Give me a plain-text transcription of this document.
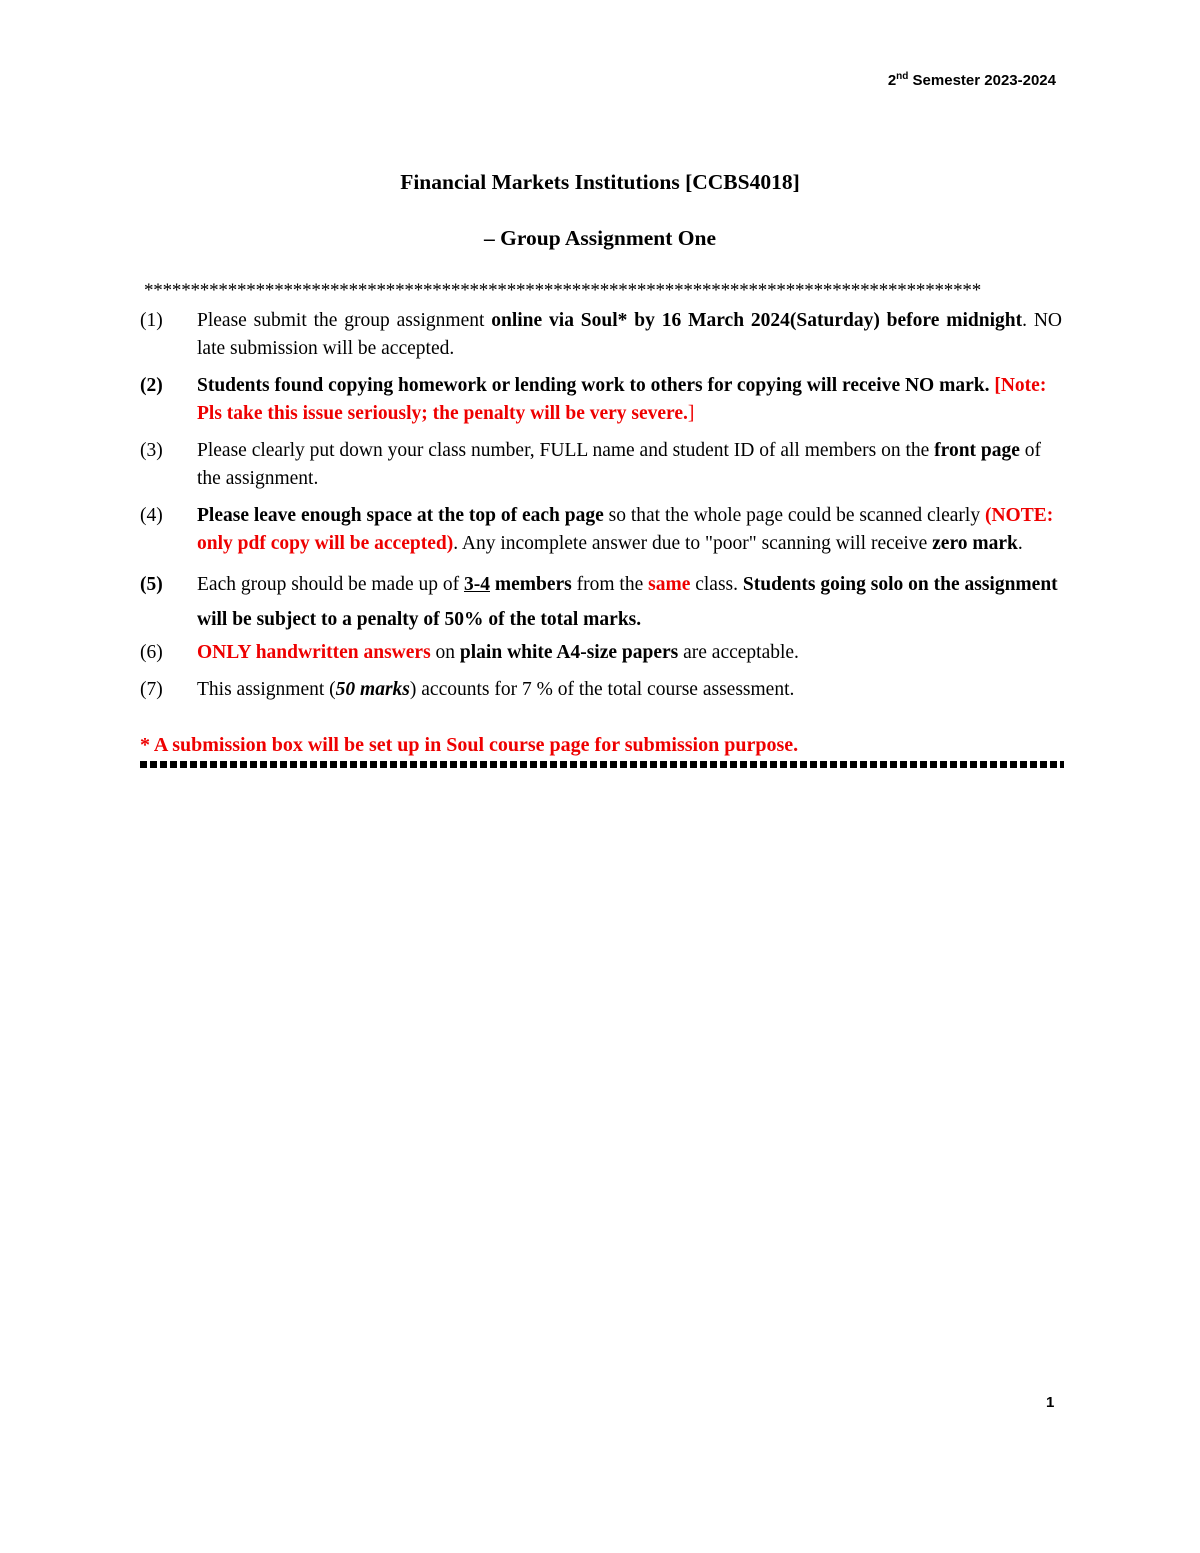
2nd Semester 2023-2024
Financial Markets Institutions [CCBS4018]
– Group Assignment One
******************************************************************************************
(1) Please submit the group assignment online via Soul* by 16 March 2024(Saturday) before midnight. NO late submission will be accepted.
(2) Students found copying homework or lending work to others for copying will receive NO mark. [Note: Pls take this issue seriously; the penalty will be very severe.]
(3) Please clearly put down your class number, FULL name and student ID of all members on the front page of the assignment.
(4) Please leave enough space at the top of each page so that the whole page could be scanned clearly (NOTE: only pdf copy will be accepted). Any incomplete answer due to "poor" scanning will receive zero mark.
(5) Each group should be made up of 3-4 members from the same class. Students going solo on the assignment will be subject to a penalty of 50% of the total marks.
(6) ONLY handwritten answers on plain white A4-size papers are acceptable.
(7) This assignment (50 marks) accounts for 7 % of the total course assessment.
* A submission box will be set up in Soul course page for submission purpose.
1
